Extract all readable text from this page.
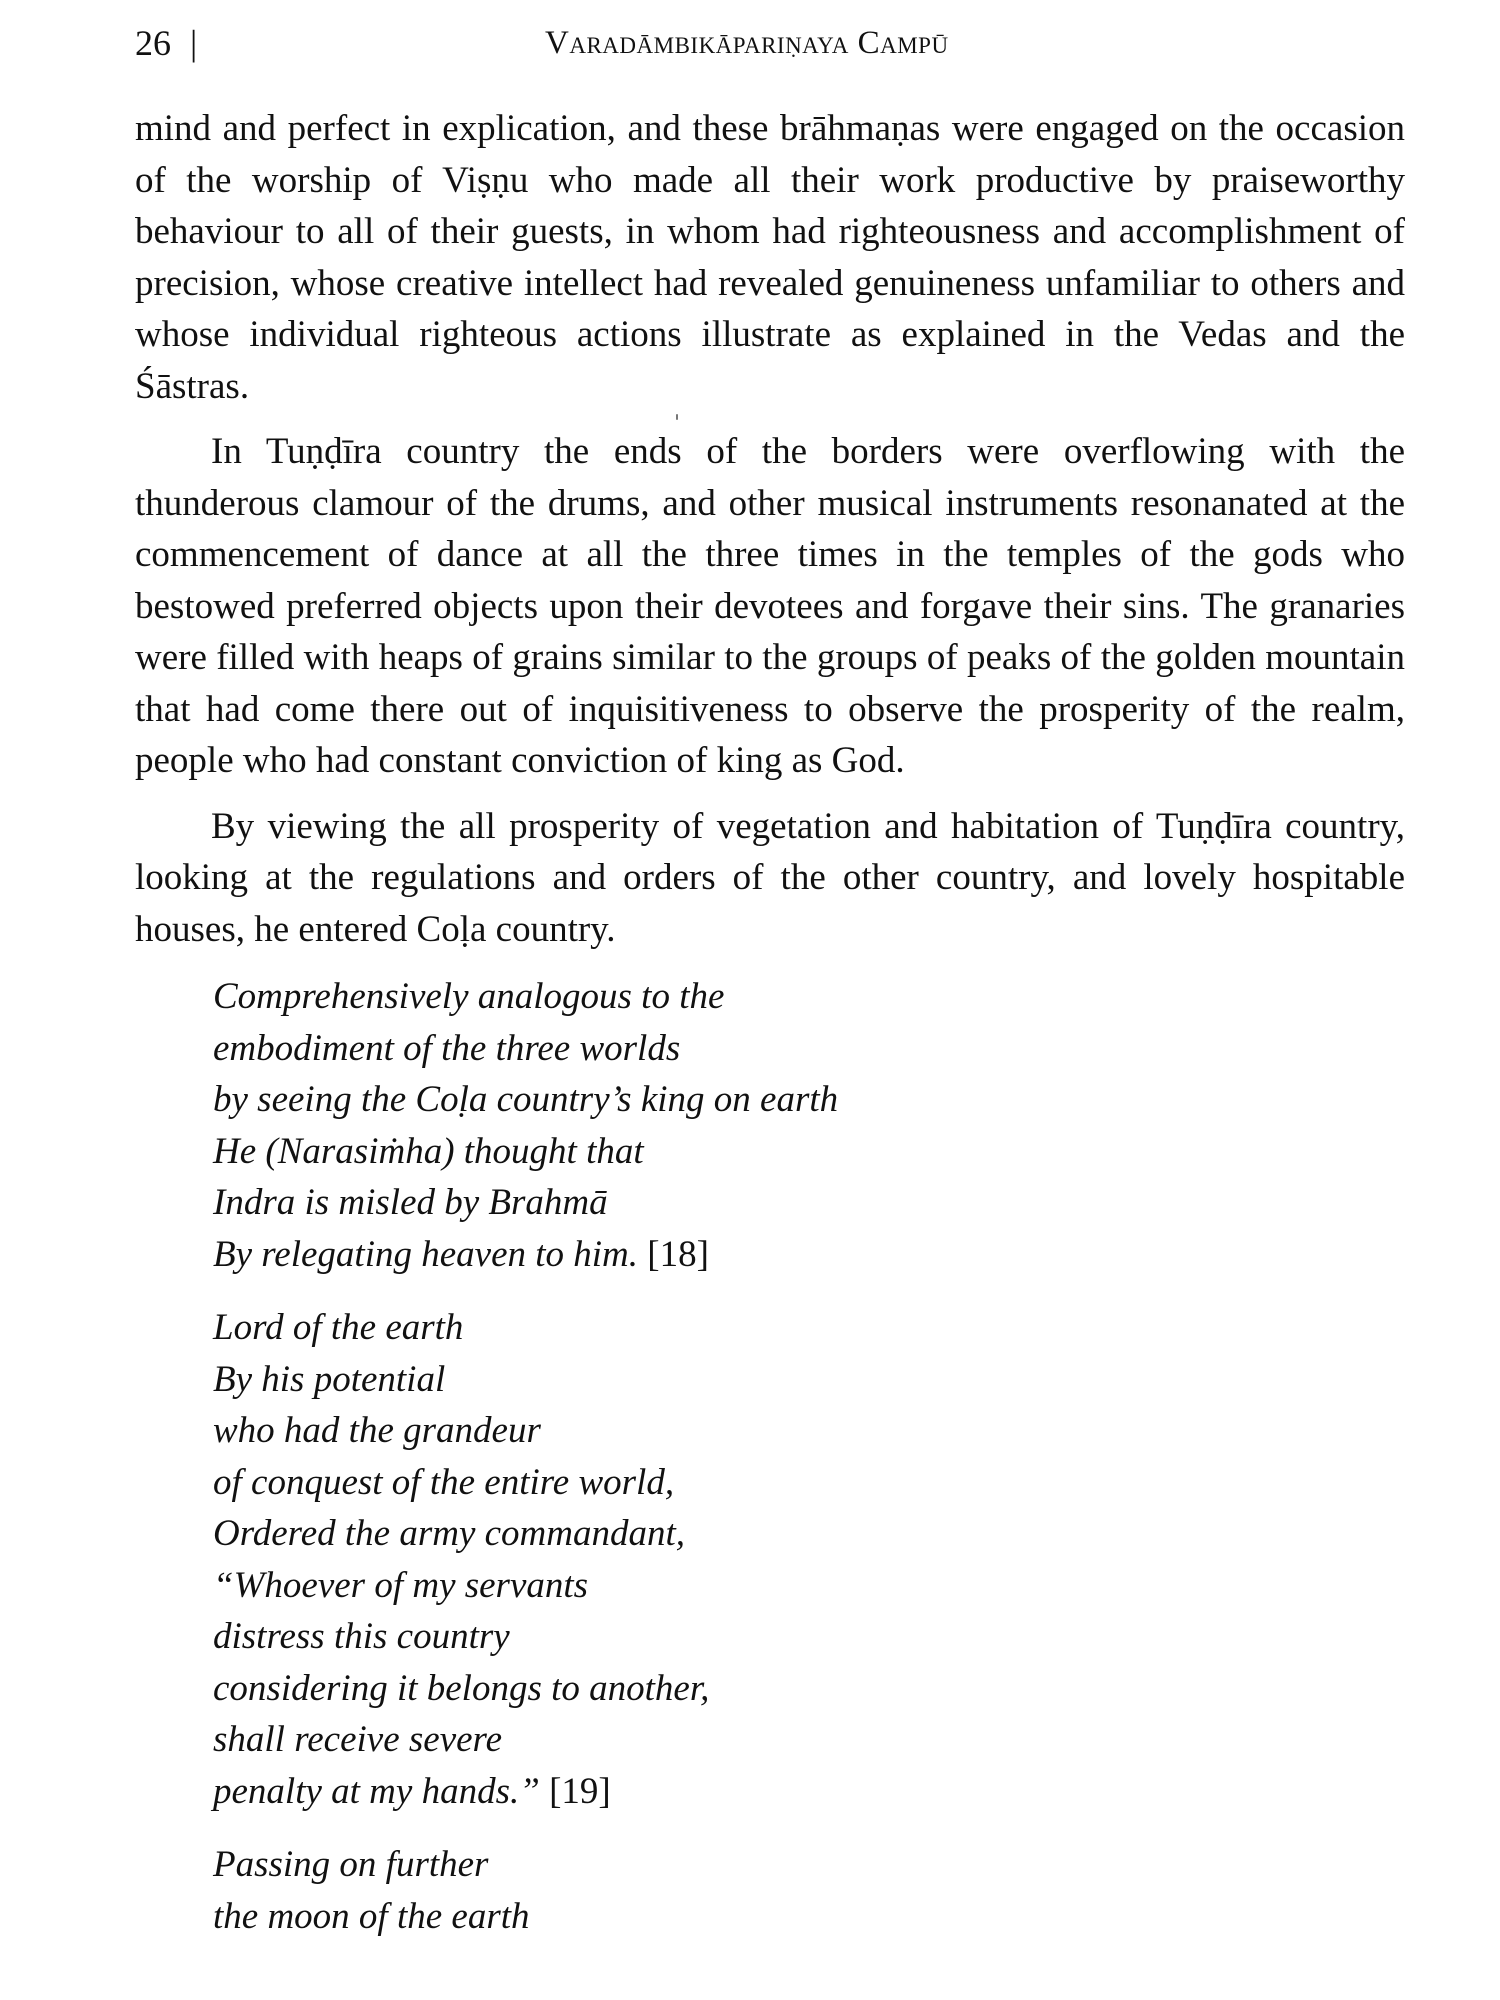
26 |	Varadāmbikāpariṇaya Campū

mind and perfect in explication, and these brāhmaṇas were engaged on the occasion of the worship of Viṣṇu who made all their work productive by praiseworthy behaviour to all of their guests, in whom had righteousness and accomplishment of precision, whose creative intellect had revealed genuineness unfamiliar to others and whose individual righteous actions illustrate as explained in the Vedas and the Śāstras.

In Tuṇḍīra country the ends of the borders were overflowing with the thunderous clamour of the drums, and other musical instruments resonanated at the commencement of dance at all the three times in the temples of the gods who bestowed preferred objects upon their devotees and forgave their sins. The granaries were filled with heaps of grains similar to the groups of peaks of the golden mountain that had come there out of inquisitiveness to observe the prosperity of the realm, people who had constant conviction of king as God.

By viewing the all prosperity of vegetation and habitation of Tuṇḍīra country, looking at the regulations and orders of the other country, and lovely hospitable houses, he entered Coḷa country.

Comprehensively analogous to the
embodiment of the three worlds
by seeing the Coḷa country’s king on earth
He (Narasiṁha) thought that
Indra is misled by Brahmā
By relegating heaven to him. [18]
Lord of the earth
By his potential
who had the grandeur
of conquest of the entire world,
Ordered the army commandant,
“Whoever of my servants
distress this country
considering it belongs to another,
shall receive severe
penalty at my hands.” [19]
Passing on further
the moon of the earth
